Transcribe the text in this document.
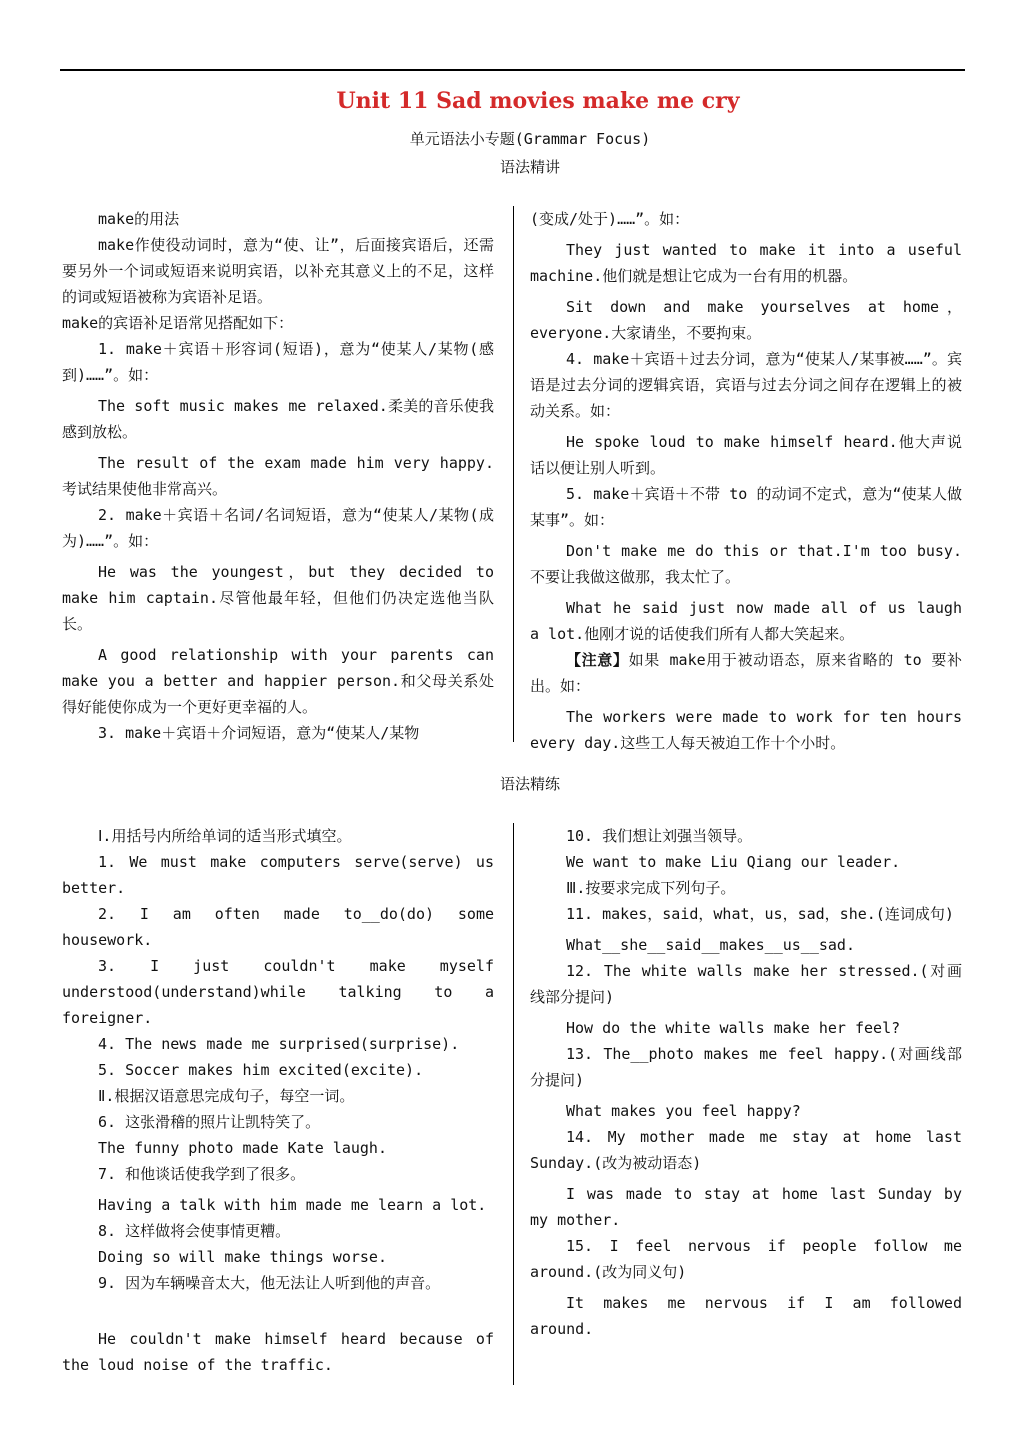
Unit 11 Sad movies make me cry
单元语法小专题(Grammar Focus)
语法精讲

make的用法

make作使役动词时，意为“使、让”，后面接宾语后，还需要另外一个词或短语来说明宾语，以补充其意义上的不足，这样的词或短语被称为宾语补足语。

make的宾语补足语常见搭配如下：

1. make＋宾语＋形容词(短语)，意为“使某人/某物(感到)……”。如：

The soft music makes me relaxed.柔美的音乐使我感到放松。

The result of the exam made him very happy.考试结果使他非常高兴。

2. make＋宾语＋名词/名词短语，意为“使某人/某物(成为)……”。如：

He was the youngest，but they decided to make him captain.尽管他最年轻，但他们仍决定选他当队长。

A good relationship with your parents can make you a better and happier person.和父母关系处得好能使你成为一个更好更幸福的人。

3. make＋宾语＋介词短语，意为“使某人/某物

(变成/处于)……”。如：

They just wanted to make it into a useful machine.他们就是想让它成为一台有用的机器。

Sit down and make yourselves at home，everyone.大家请坐，不要拘束。

4. make＋宾语＋过去分词，意为“使某人/某事被……”。宾语是过去分词的逻辑宾语，宾语与过去分词之间存在逻辑上的被动关系。如：

He spoke loud to make himself heard.他大声说话以便让别人听到。

5. make＋宾语＋不带 to 的动词不定式，意为“使某人做某事”。如：

Don't make me do this or that.I'm too busy.不要让我做这做那，我太忙了。

What he said just now made all of us laugh a lot.他刚才说的话使我们所有人都大笑起来。

【注意】如果 make用于被动语态，原来省略的 to 要补出。如：

The workers were made to work for ten hours every day.这些工人每天被迫工作十个小时。

语法精练

Ⅰ.用括号内所给单词的适当形式填空。

1. We must make computers serve(serve) us better.

2. I am often made to__do(do) some housework.

3. I just couldn't make myself understood(understand)while talking to a foreigner.

4. The news made me surprised(surprise).

5. Soccer makes him excited(excite).

Ⅱ.根据汉语意思完成句子，每空一词。

6. 这张滑稽的照片让凯特笑了。

The funny photo made Kate laugh.

7. 和他谈话使我学到了很多。

Having a talk with him made me learn a lot.

8. 这样做将会使事情更糟。

Doing so will make things worse.

9. 因为车辆噪音太大，他无法让人听到他的声音。

He couldn't make himself heard because of the loud noise of the traffic.

10. 我们想让刘强当领导。

We want to make Liu Qiang our leader.

Ⅲ.按要求完成下列句子。

11. makes，said，what，us，sad，she.(连词成句)

What__she__said__makes__us__sad.

12. The white walls make her stressed.(对画线部分提问)

How do the white walls make her feel?

13. The__photo makes me feel happy.(对画线部分提问)

What makes you feel happy?

14. My mother made me stay at home last Sunday.(改为被动语态)

I was made to stay at home last Sunday by my mother.

15. I feel nervous if people follow me around.(改为同义句)

It makes me nervous if I am followed around.
